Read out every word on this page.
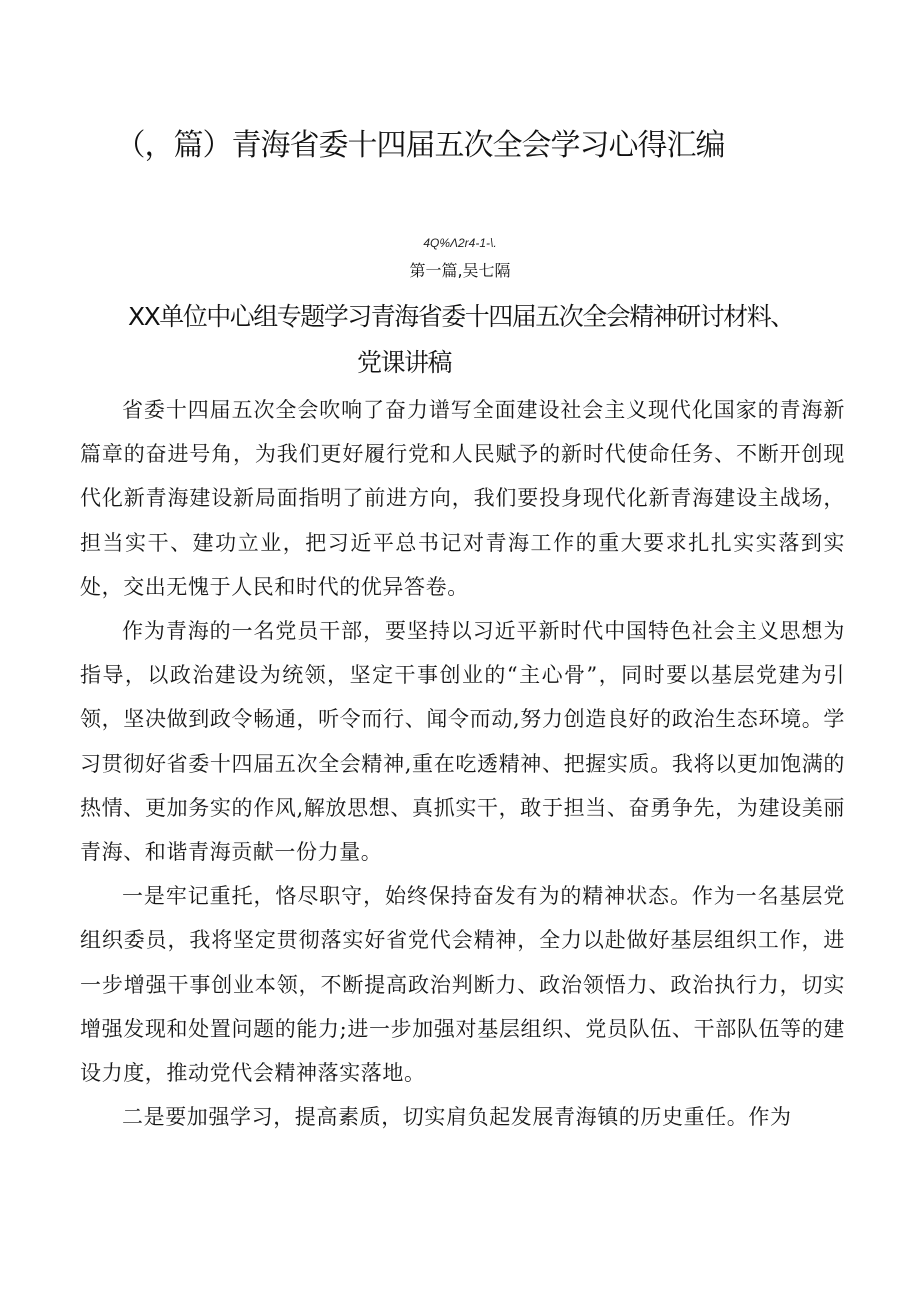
（，篇）青海省委十四届五次全会学习心得汇编
4Q%Λ2r4-1-\.
第一篇,吴七隔
XX单位中心组专题学习青海省委十四届五次全会精神研讨材料、
党课讲稿

省委十四届五次全会吹响了奋力谱写全面建设社会主义现代化国家的青海新篇章的奋进号角，为我们更好履行党和人民赋予的新时代使命任务、不断开创现代化新青海建设新局面指明了前进方向，我们要投身现代化新青海建设主战场，担当实干、建功立业，把习近平总书记对青海工作的重大要求扎扎实实落到实处，交出无愧于人民和时代的优异答卷。

作为青海的一名党员干部，要坚持以习近平新时代中国特色社会主义思想为指导，以政治建设为统领，坚定干事创业的“主心骨”，同时要以基层党建为引领，坚决做到政令畅通，听令而行、闻令而动,努力创造良好的政治生态环境。学习贯彻好省委十四届五次全会精神,重在吃透精神、把握实质。我将以更加饱满的热情、更加务实的作风,解放思想、真抓实干，敢于担当、奋勇争先，为建设美丽青海、和谐青海贡献一份力量。

一是牢记重托，恪尽职守，始终保持奋发有为的精神状态。作为一名基层党组织委员，我将坚定贯彻落实好省党代会精神，全力以赴做好基层组织工作，进一步增强干事创业本领，不断提高政治判断力、政治领悟力、政治执行力，切实增强发现和处置问题的能力;进一步加强对基层组织、党员队伍、干部队伍等的建设力度，推动党代会精神落实落地。

二是要加强学习，提高素质，切实肩负起发展青海镇的历史重任。作为
